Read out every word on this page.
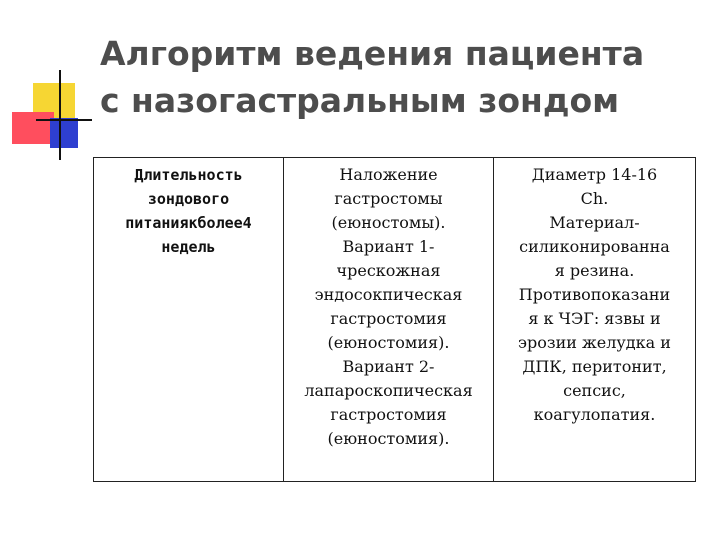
Алгоритм ведения пациента
с назогастральным зондом

Длительность
зондового
питаниякболее4
недель

Наложение
гастростомы
(еюностомы).
Вариант 1-
чрескожная
эндосокпическая
гастростомия
(еюностомия).
Вариант 2-
лапароскопическая
гастростомия
(еюностомия).

Диаметр 14-16
Ch.
Материал-
силиконированна
я резина.
Противопоказани
я к ЧЭГ: язвы и
эрозии желудка и
ДПК, перитонит,
сепсис,
коагулопатия.
